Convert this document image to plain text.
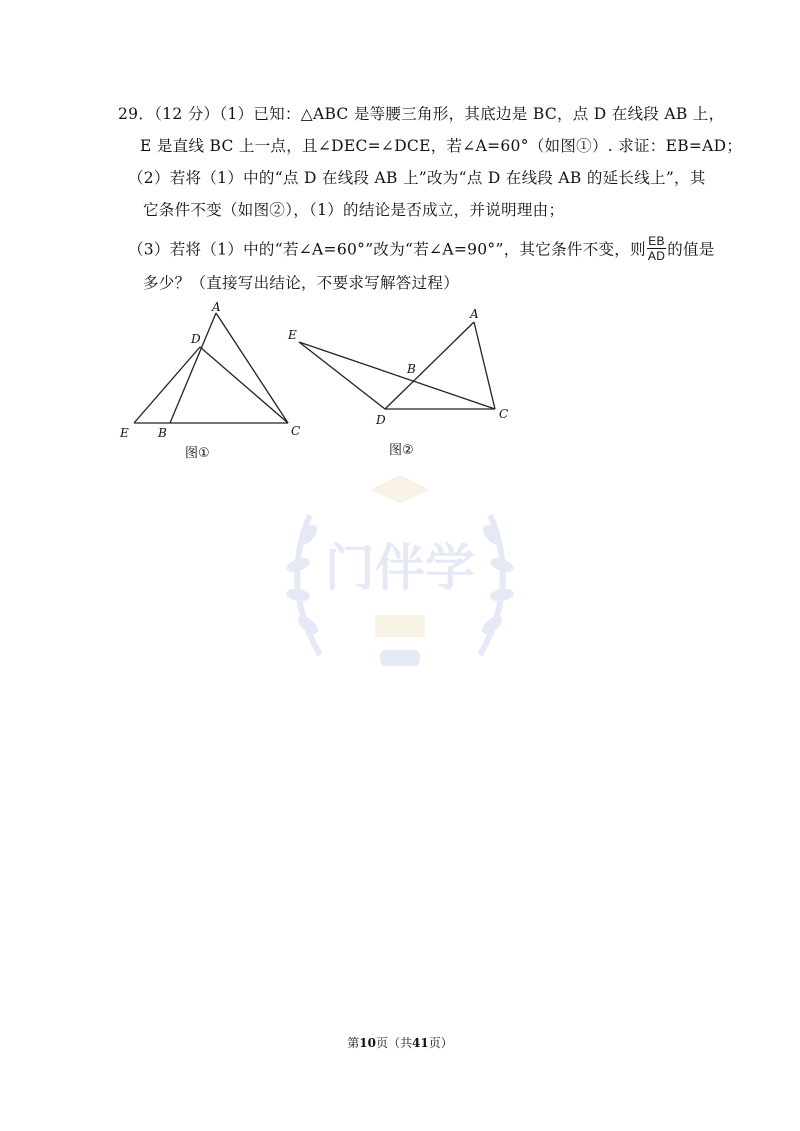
29．（12 分）（1）已知：△ABC 是等腰三角形，其底边是 BC，点 D 在线段 AB 上，
E 是直线 BC 上一点，且∠DEC=∠DCE，若∠A=60°（如图①）. 求证：EB=AD；
（2）若将（1）中的“点 D 在线段 AB 上”改为“点 D 在线段 AB 的延长线上”，其
它条件不变（如图②），（1）的结论是否成立，并说明理由；
（3）若将（1）中的“若∠A=60°”改为“若∠A=90°”，其它条件不变，则 $\frac{EB}{AD}$ 的值是
多少？（直接写出结论，不要求写解答过程）
A
D
E B	C
A
E
B
D	C
图①	图②
门伴学
第10页（共41页）
